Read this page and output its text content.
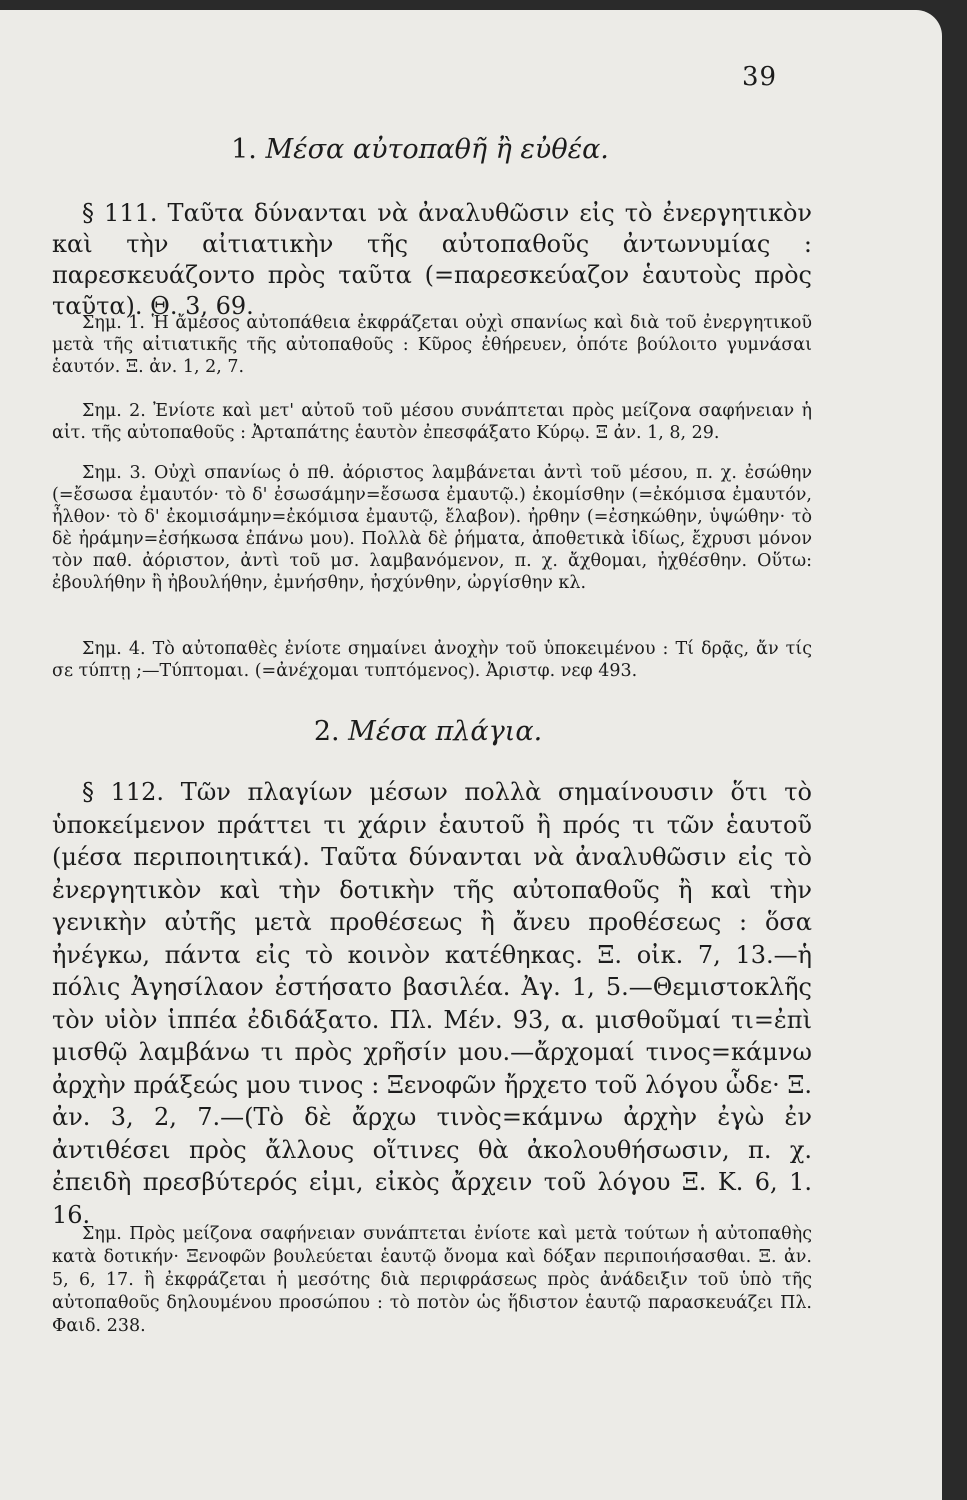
39
1. Μέσα αὐτοπαθῆ ἢ εὐθέα.
§ 111. Ταῦτα δύνανται νὰ ἀναλυθῶσιν εἰς τὸ ἐνεργητικὸν καὶ τὴν αἰτιατικὴν τῆς αὐτοπαθοῦς ἀντωνυμίας : παρεσκευάζοντο πρὸς ταῦτα (=παρεσκεύαζον ἑαυτοὺς πρὸς ταῦτα). Θ. 3, 69.
Σημ. 1. Ἡ ἄμεσος αὐτοπάθεια ἐκφράζεται οὐχὶ σπανίως καὶ διὰ τοῦ ἐνεργητικοῦ μετὰ τῆς αἰτιατικῆς τῆς αὐτοπαθοῦς : Κῦρος ἐθήρευεν, ὁπότε βούλοιτο γυμνάσαι ἑαυτόν. Ξ. ἀν. 1, 2, 7.
Σημ. 2. Ἐνίοτε καὶ μετ' αὐτοῦ τοῦ μέσου συνάπτεται πρὸς μείζονα σαφήνειαν ἡ αἰτ. τῆς αὐτοπαθοῦς : Ἀρταπάτης ἑαυτὸν ἐπεσφάξατο Κύρῳ. Ξ ἀν. 1, 8, 29.
Σημ. 3. Οὐχὶ σπανίως ὁ πθ. ἀόριστος λαμβάνεται ἀντὶ τοῦ μέσου, π. χ. ἐσώθην (=ἔσωσα ἐμαυτόν· τὸ δ' ἐσωσάμην=ἔσωσα ἐμαυτῷ.) ἐκομίσθην (=ἐκόμισα ἐμαυτόν, ἦλθον· τὸ δ' ἐκομισάμην=ἐκόμισα ἐμαυτῷ, ἔλαβον). ἠρθην (=ἐσηκώθην, ὑψώθην· τὸ δὲ ἠράμην=ἐσήκωσα ἐπάνω μου). Πολλὰ δὲ ῥήματα, ἀποθετικὰ ἰδίως, ἔχρυσι μόνον τὸν παθ. ἀόριστον, ἀντὶ τοῦ μσ. λαμβανόμενον, π. χ. ἄχθομαι, ἠχθέσθην. Οὕτω: ἐβουλήθην ἢ ἠβουλήθην, ἐμνήσθην, ἠσχύνθην, ὠργίσθην κλ.
Σημ. 4. Τὸ αὐτοπαθὲς ἐνίοτε σημαίνει ἀνοχὴν τοῦ ὑποκειμένου : Τί δρᾷς, ἄν τίς σε τύπτῃ ;—Τύπτομαι. (=ἀνέχομαι τυπτόμενος). Ἀριστφ. νεφ 493.
2. Μέσα πλάγια.
§ 112. Τῶν πλαγίων μέσων πολλὰ σημαίνουσιν ὅτι τὸ ὑποκείμενον πράττει τι χάριν ἑαυτοῦ ἢ πρός τι τῶν ἑαυτοῦ (μέσα περιποιητικά). Ταῦτα δύνανται νὰ ἀναλυθῶσιν εἰς τὸ ἐνεργητικὸν καὶ τὴν δοτικὴν τῆς αὐτοπαθοῦς ἢ καὶ τὴν γενικὴν αὐτῆς μετὰ προθέσεως ἢ ἄνευ προθέσεως : ὅσα ἠνέγκω, πάντα εἰς τὸ κοινὸν κατέθηκας. Ξ. οἰκ. 7, 13.—ἡ πόλις Ἀγησίλαον ἐστήσατο βασιλέα. Ἀγ. 1, 5.—Θεμιστοκλῆς τὸν υἱὸν ἱππέα ἐδιδάξατο. Πλ. Μέν. 93, α. μισθοῦμαί τι=ἐπὶ μισθῷ λαμβάνω τι πρὸς χρῆσίν μου.—ἄρχομαί τινος=κάμνω ἀρχὴν πράξεώς μου τινος : Ξενοφῶν ἤρχετο τοῦ λόγου ὧδε· Ξ. ἀν. 3, 2, 7.—(Τὸ δὲ ἄρχω τινὸς=κάμνω ἀρχὴν ἐγὼ ἐν ἀντιθέσει πρὸς ἄλλους οἵτινες θὰ ἀκολουθήσωσιν, π. χ. ἐπειδὴ πρεσβύτερός εἰμι, εἰκὸς ἄρχειν τοῦ λόγου Ξ. Κ. 6, 1. 16.
Σημ. Πρὸς μείζονα σαφήνειαν συνάπτεται ἐνίοτε καὶ μετὰ τούτων ἡ αὐτοπαθὴς κατὰ δοτικήν· Ξενοφῶν βουλεύεται ἑαυτῷ ὄνομα καὶ δόξαν περιποιήσασθαι. Ξ. ἀν. 5, 6, 17. ἢ ἐκφράζεται ἡ μεσότης διὰ περιφράσεως πρὸς ἀνάδειξιν τοῦ ὑπὸ τῆς αὐτοπαθοῦς δηλουμένου προσώπου : τὸ ποτὸν ὡς ἥδιστον ἑαυτῷ παρασκευάζει Πλ. Φαιδ. 238.
